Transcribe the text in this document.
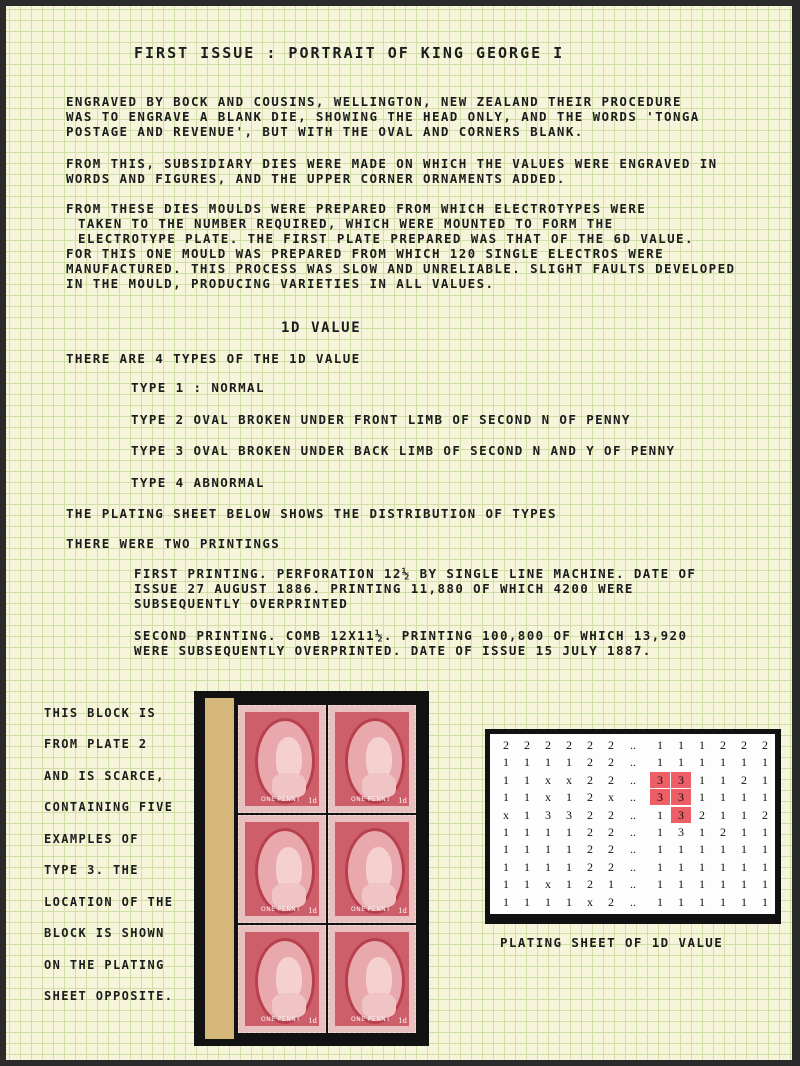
FIRST ISSUE : PORTRAIT OF KING GEORGE I
ENGRAVED BY BOCK AND COUSINS, WELLINGTON, NEW ZEALAND THEIR PROCEDURE
WAS TO ENGRAVE A BLANK DIE, SHOWING THE HEAD ONLY, AND THE WORDS 'TONGA
POSTAGE AND REVENUE', BUT WITH THE OVAL AND CORNERS BLANK.
FROM THIS, SUBSIDIARY DIES WERE MADE ON WHICH THE VALUES WERE ENGRAVED IN
WORDS AND FIGURES, AND THE UPPER CORNER ORNAMENTS ADDED.
FROM THESE DIES MOULDS WERE PREPARED FROM WHICH ELECTROTYPES WERE
TAKEN TO THE NUMBER REQUIRED, WHICH WERE MOUNTED TO FORM THE
ELECTROTYPE PLATE. THE FIRST PLATE PREPARED WAS THAT OF THE 6D VALUE.
FOR THIS ONE MOULD WAS PREPARED FROM WHICH 120 SINGLE ELECTROS WERE
MANUFACTURED. THIS PROCESS WAS SLOW AND UNRELIABLE. SLIGHT FAULTS DEVELOPED
IN THE MOULD, PRODUCING VARIETIES IN ALL VALUES.
1D VALUE
THERE ARE 4 TYPES OF THE 1D VALUE
TYPE 1 : NORMAL
TYPE 2 OVAL BROKEN UNDER FRONT LIMB OF SECOND N OF PENNY
TYPE 3 OVAL BROKEN UNDER BACK LIMB OF SECOND N AND Y OF PENNY
TYPE 4 ABNORMAL
THE PLATING SHEET BELOW SHOWS THE DISTRIBUTION OF TYPES
THERE WERE TWO PRINTINGS
FIRST PRINTING. PERFORATION 12½ BY SINGLE LINE MACHINE. DATE OF
ISSUE 27 AUGUST 1886. PRINTING 11,880 OF WHICH 4200 WERE
SUBSEQUENTLY OVERPRINTED
SECOND PRINTING. COMB 12X11½. PRINTING 100,800 OF WHICH 13,920
WERE SUBSEQUENTLY OVERPRINTED. DATE OF ISSUE 15 JULY 1887.
THIS BLOCK IS
FROM PLATE 2
AND IS SCARCE,
CONTAINING FIVE
EXAMPLES OF
TYPE 3. THE
LOCATION OF THE
BLOCK IS SHOWN
ON THE PLATING
SHEET OPPOSITE.
ONE PENNY 1d	ONE PENNY 1d
ONE PENNY 1d	ONE PENNY 1d
ONE PENNY 1d	ONE PENNY 1d
2	2	2	2	2	2	..	1	1	1	2	2	2
1	1	1	1	2	2	..	1	1	1	1	1	1
1	1	x	x	2	2	..	3	3	1	1	2	1
1	1	x	1	2	x	..	3	3	1	1	1	1
x	1	3	3	2	2	..	1	3	2	1	1	2
1	1	1	1	2	2	..	1	3	1	2	1	1
1	1	1	1	2	2	..	1	1	1	1	1	1
1	1	1	1	2	2	..	1	1	1	1	1	1
1	1	x	1	2	1	..	1	1	1	1	1	1
1	1	1	1	x	2	..	1	1	1	1	1	1
PLATING SHEET OF 1D VALUE
